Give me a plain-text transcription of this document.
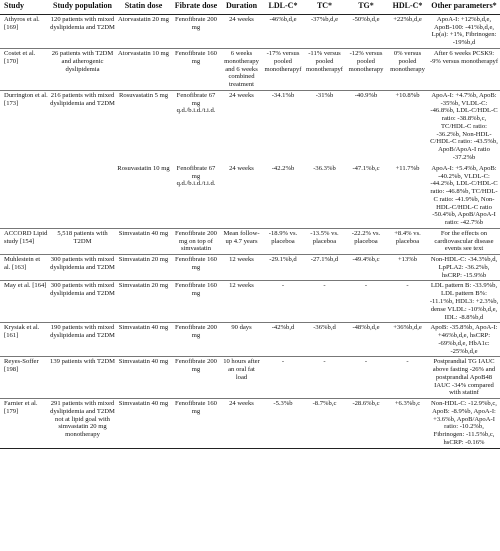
Study	Study population	Statin dose	Fibrate dose	Duration	LDL-C*	TC*	TG*	HDL-C*	Other parameters*
Athyros et al. [169]	120 patients with mixed dyslipidemia and T2DM	Atorvastatin 20 mg	Fenofibrate 200 mg	24 weeks	-46%b,d,e	-37%b,d,e	-50%b,d,e	+22%b,d,e	ApoA-I: +12%b,d,e, ApoB-100: -41%b,d,e, Lp(a): +1%, Fibrinogen: -19%b,d
Costet et al. [170]	26 patients with T2DM and atherogenic dyslipidemia	Atorvastatin 10 mg	Fenofibrate 160 mg	6 weeks monotherapy and 6 weeks combined treatment	-17% versus pooled monotherapyf	-11% versus pooled monotherapyf	-12% versus pooled monotherapy	0% versus pooled monotherapy	After 6 weeks PCSK9: -9% versus monotherapyf
Durrington et al. [173]	216 patients with mixed dyslipidemia and T2DM	Rosuvastatin 5 mg	Fenofibrate 67 mg q.d./b.i.d./t.i.d.	24 weeks	-34.1%b	-31%b	-40.9%b	+10.8%b	ApoA-I: +4.7%b, ApoB: -35%b, VLDL-C: -46.8%b, LDL-C/HDL-C ratio: -38.8%b,c, TC/HDL-C ratio: -36.2%b, Non-HDL-C/HDL-C ratio: -43.5%b, ApoB/ApoA-I ratio -37.2%b
		Rosuvastatin 10 mg	Fenofibrate 67 mg q.d./b.i.d./t.i.d.	24 weeks	-42.2%b	-36.3%b	-47.1%b,c	+11.7%b	ApoA-I: +5.4%b, ApoB: -40.2%b, VLDL-C: -44.2%b, LDL-C/HDL-C ratio: -46.8%b, TC/HDL-C ratio: -41.9%b, Non-HDL-C/HDL-C ratio -50.4%b, ApoB/ApoA-I ratio: -42.7%b
ACCORD Lipid study [154]	5,518 patients with T2DM	Simvastatin 40 mg	Fenofibrate 200 mg on top of simvastatin	Mean follow-up 4.7 years	-18.9% vs. placeboa	-13.5% vs. placeboa	-22.2% vs. placeboa	+8.4% vs. placeboa	For the effects on cardiovascular disease events see text
Muhlestein et al. [163]	300 patients with mixed dyslipidemia and T2DM	Simvastatin 20 mg	Fenofibrate 160 mg	12 weeks	-29.1%b,d	-27.1%b,d	-49.4%b,c	+13%b	Non-HDL-C: -34.3%b,d, LpPLA2: -36.2%b, hsCRP: -15.9%b
May et al. [164]	300 patients with mixed dyslipidemia and T2DM	Simvastatin 20 mg	Fenofibrate 160 mg	12 weeks	-	-	-	-	LDL pattern B: -33.9%b, LDL pattern B%: -11.1%b, HDL3: +2.3%b, dense VLDL: -10%b,d,e, IDL: -8.8%b,d
Krysiak et al. [161]	190 patients with mixed dyslipidemia and T2DM	Simvastatin 40 mg	Fenofibrate 200 mg	90 days	-42%b,d	-36%b,d	-48%b,d,e	+36%b,d,e	ApoB: -35.8%b, ApoA-I: +46%b,d,e, hsCRP: -69%b,d,e, HbA1c: -25%b,d,e
Reyes-Soffer [198]	139 patients with T2DM	Simvastatin 40 mg	Fenofibrate 200 mg	10 hours after an oral fat load	-	-	-	-	Postprandial TG IAUC above fasting -26% and postprandial ApoB48 IAUC -34% compared with statinf
Farnier et al. [179]	291 patients with mixed dyslipidemia and T2DM not at lipid goal with simvastatin 20 mg monotherapy	Simvastatin 40 mg	Fenofibrate 160 mg	24 weeks	-5.3%b	-8.7%b,c	-28.6%b,c	+6.3%b,c	Non-HDL-C: -12.9%b,c, ApoB: -8.9%b, ApoA-I: +3.6%b, ApoB/ApoA-I ratio: -10.2%b, Fibrinogen: -11.5%b,c, hsCRP: -0.16%
